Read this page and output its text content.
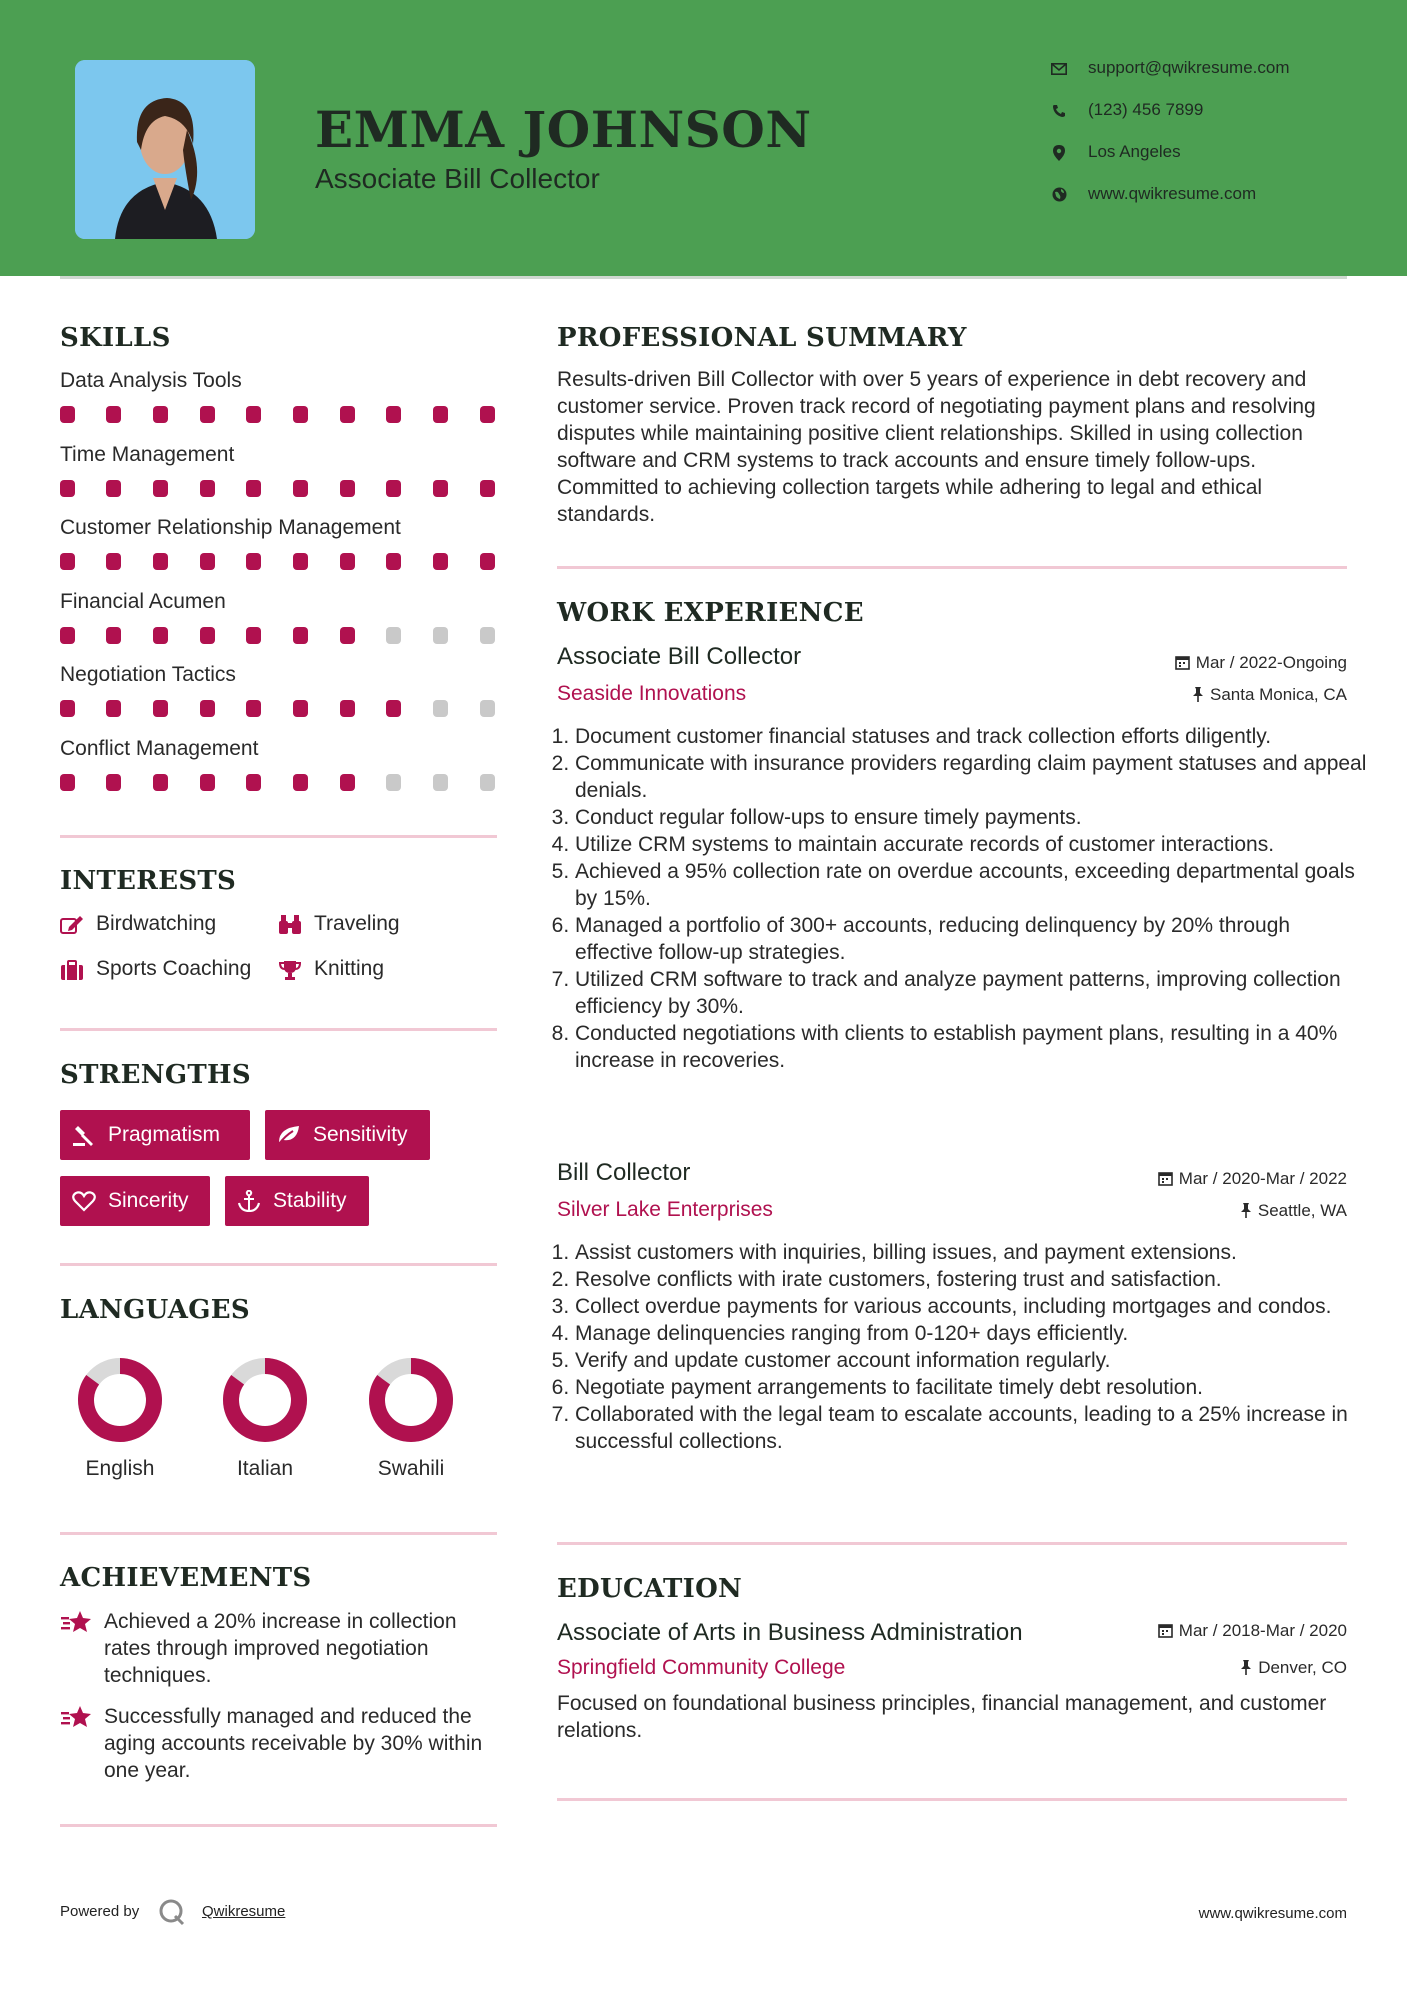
EMMA JOHNSON
Associate Bill Collector
support@qwikresume.com
(123) 456 7899
Los Angeles
www.qwikresume.com
SKILLS
Data Analysis Tools
Time Management
Customer Relationship Management
Financial Acumen
Negotiation Tactics
Conflict Management
INTERESTS
Birdwatching	Traveling
Sports Coaching	Knitting
STRENGTHS
Pragmatism	Sensitivity
Sincerity	Stability
LANGUAGES
English	Italian	Swahili
ACHIEVEMENTS
Achieved a 20% increase in collection rates through improved negotiation techniques.
Successfully managed and reduced the aging accounts receivable by 30% within one year.
PROFESSIONAL SUMMARY
Results-driven Bill Collector with over 5 years of experience in debt recovery and customer service. Proven track record of negotiating payment plans and resolving disputes while maintaining positive client relationships. Skilled in using collection software and CRM systems to track accounts and ensure timely follow-ups. Committed to achieving collection targets while adhering to legal and ethical standards.
WORK EXPERIENCE
Associate Bill Collector	Mar / 2022-Ongoing
Seaside Innovations	Santa Monica, CA
1. Document customer financial statuses and track collection efforts diligently.
2. Communicate with insurance providers regarding claim payment statuses and appeal denials.
3. Conduct regular follow-ups to ensure timely payments.
4. Utilize CRM systems to maintain accurate records of customer interactions.
5. Achieved a 95% collection rate on overdue accounts, exceeding departmental goals by 15%.
6. Managed a portfolio of 300+ accounts, reducing delinquency by 20% through effective follow-up strategies.
7. Utilized CRM software to track and analyze payment patterns, improving collection efficiency by 30%.
8. Conducted negotiations with clients to establish payment plans, resulting in a 40% increase in recoveries.
Bill Collector	Mar / 2020-Mar / 2022
Silver Lake Enterprises	Seattle, WA
1. Assist customers with inquiries, billing issues, and payment extensions.
2. Resolve conflicts with irate customers, fostering trust and satisfaction.
3. Collect overdue payments for various accounts, including mortgages and condos.
4. Manage delinquencies ranging from 0-120+ days efficiently.
5. Verify and update customer account information regularly.
6. Negotiate payment arrangements to facilitate timely debt resolution.
7. Collaborated with the legal team to escalate accounts, leading to a 25% increase in successful collections.
EDUCATION
Associate of Arts in Business Administration	Mar / 2018-Mar / 2020
Springfield Community College	Denver, CO
Focused on foundational business principles, financial management, and customer relations.
Powered by	Qwikresume	www.qwikresume.com
